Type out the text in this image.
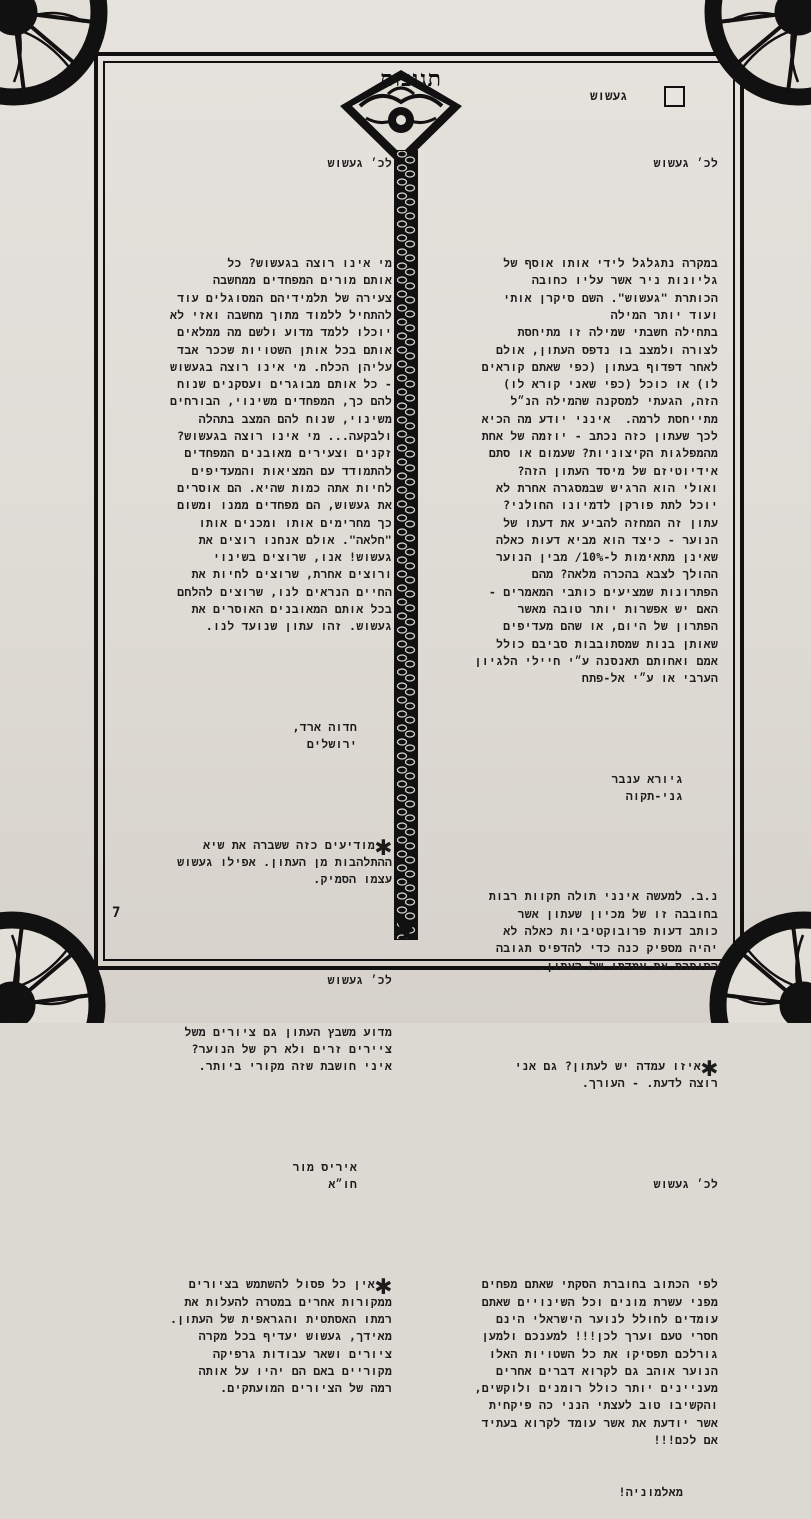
תגובות
געשוש

לכ׳ געשוש

במקרה נתגלגל לידי אותו אוסף של
גליונות ניר אשר עליו כחובה
הכותרת "געשוש". השם סיקרן אותי
ועוד יותר המילה
בתחילה חשבתי שמילה זו מתיחסת
לצורה ולמצב בו נדפס העתון, אולם
לאחר דפדוף בעתון (כפי שאתם קוראים
לו) או כוכל (כפי שאני קורא לו)
הזה, הגעתי למסקנה שהמילה הנ״ל
מתייחסת לרמה.  אינני יודע מה הכיא
לכך שעתון כזה נכתב - יוזמה של אחת
מהמפלגות הקיצוניות? שעמום או סתם
אידיוטיזם של מיסד העתון הזה?
ואולי הוא הרגיש שבמסגרה אחרת לא
יוכל לתת פורקן לדמיונו החולני?
עתון זה המחזה להביע את דעתו של
הנוער - כיצד הוא מביא דעות כאלה
שאינן מתאימות ל-10%/ מבין הנוער
ההולך לצבא בהכרה מלאה? מהם
הפתרונות שמציעים כותבי המאמרים -
האם יש אפשרות יותר טובה מאשר
הפתרון של היום, או שהם מעדיפים
שאותן בנות שמסתובבות סביבם כולל
אמם ואחותם תאנסנה ע״י חיילי הלגיון
הערבי או ע״י אל-פתח

גיורא ענבר
גני-תקוה

נ.ב. למעשה אינני תולה תקוות רבות
בחובבה זו של מכיון שעתון אשר
כותב דעות פרובוקטיביות כאלה לא
יהיה מספיק כנה כדי להדפיס תגובה
הסותרת את עמדתו של העתון.

✱איזו עמדה יש לעתון? גם אני
רוצה לדעת. - העורך.

לכ׳ געשוש

לפי הכתוב בחוברת הסקתי שאתם מפחים
מפני עשרת מונים וכל השינויים שאתם
עומדים לחולל לנוער הישראלי הינם
חסרי טעם וערך לכן!!! למענכם ולמען
גורלכם תפסיקו את כל השטויות האלו
הנוער אוהב גם לקרוא דברים אחרים
מעניינים יותר כולל רומנים ולוקשים,
והקשיבו טוב לעצתי הנני כה פיקחית
אשר יודעת את אשר עומד לקרוא בעתיד
אם לכם!!!

מאלמוניה!

לכ׳ געשוש

מי אינו רוצה בגעשוש? כל
אותם מורים המפחדים ממחשבה
צעירה של תלמידיהם המסוגלים עוד
להתחיל ללמוד מתוך מחשבה ואזי לא
יוכלו ללמד מדוע ולשם מה ממלאים
אותם בכל אותן השטויות שככר אבד
עליהן הכלח. מי אינו רוצה בגעשוש
- כל אותם מבוגרים ועסקנים שנוח
להם כך, המפחדים משינוי, הבורחים
משינוי, שנוח להם המצב בתהלה
ולבקעה... מי אינו רוצה בגעשוש?
זקנים וצעירים מאובנים המפחדים
להתמודד עם המציאות והמעדיפים
לחיות אתה כמות שהיא. הם אוסרים
את געשוש, הם מפחדים ממנו ומשום
כך מחרימים אותו ומכנים אותו
"חלאה". אולם אנחנו רוצים את
געשוש! אנו, שרוצים בשינוי
ורוצים אחרת, שרוצים לחיות את
החיים הנראים לנו, שרוצים להלחם
בכל אותם המאובנים האוסרים את
געשוש. זהו עתון שנועד לנו.

חדוה ארד,
ירושלים

✱מודיעים כזה ששברה את שיא
ההתלהבות מן העתון. אפילו געשוש
עצמו הסמיק.

לכ׳ געשוש

מדוע משבץ העתון גם ציורים משל
ציירים זרים ולא רק של הנוער?
איני חושבת שזה מקורי ביותר.

איריס מור
חו״א

✱אין כל פסול להשתמש בציורים
ממקורות אחרים במטרה להעלות את
רמתו האסתטית והגראפית של העתון.
מאידך, געשוש יעדיף בכל מקרה
ציורים ושאר עבודות גרפיקה
מקוריים באם הם יהיו על אותה
רמה של הציורים המועתקים.

7
